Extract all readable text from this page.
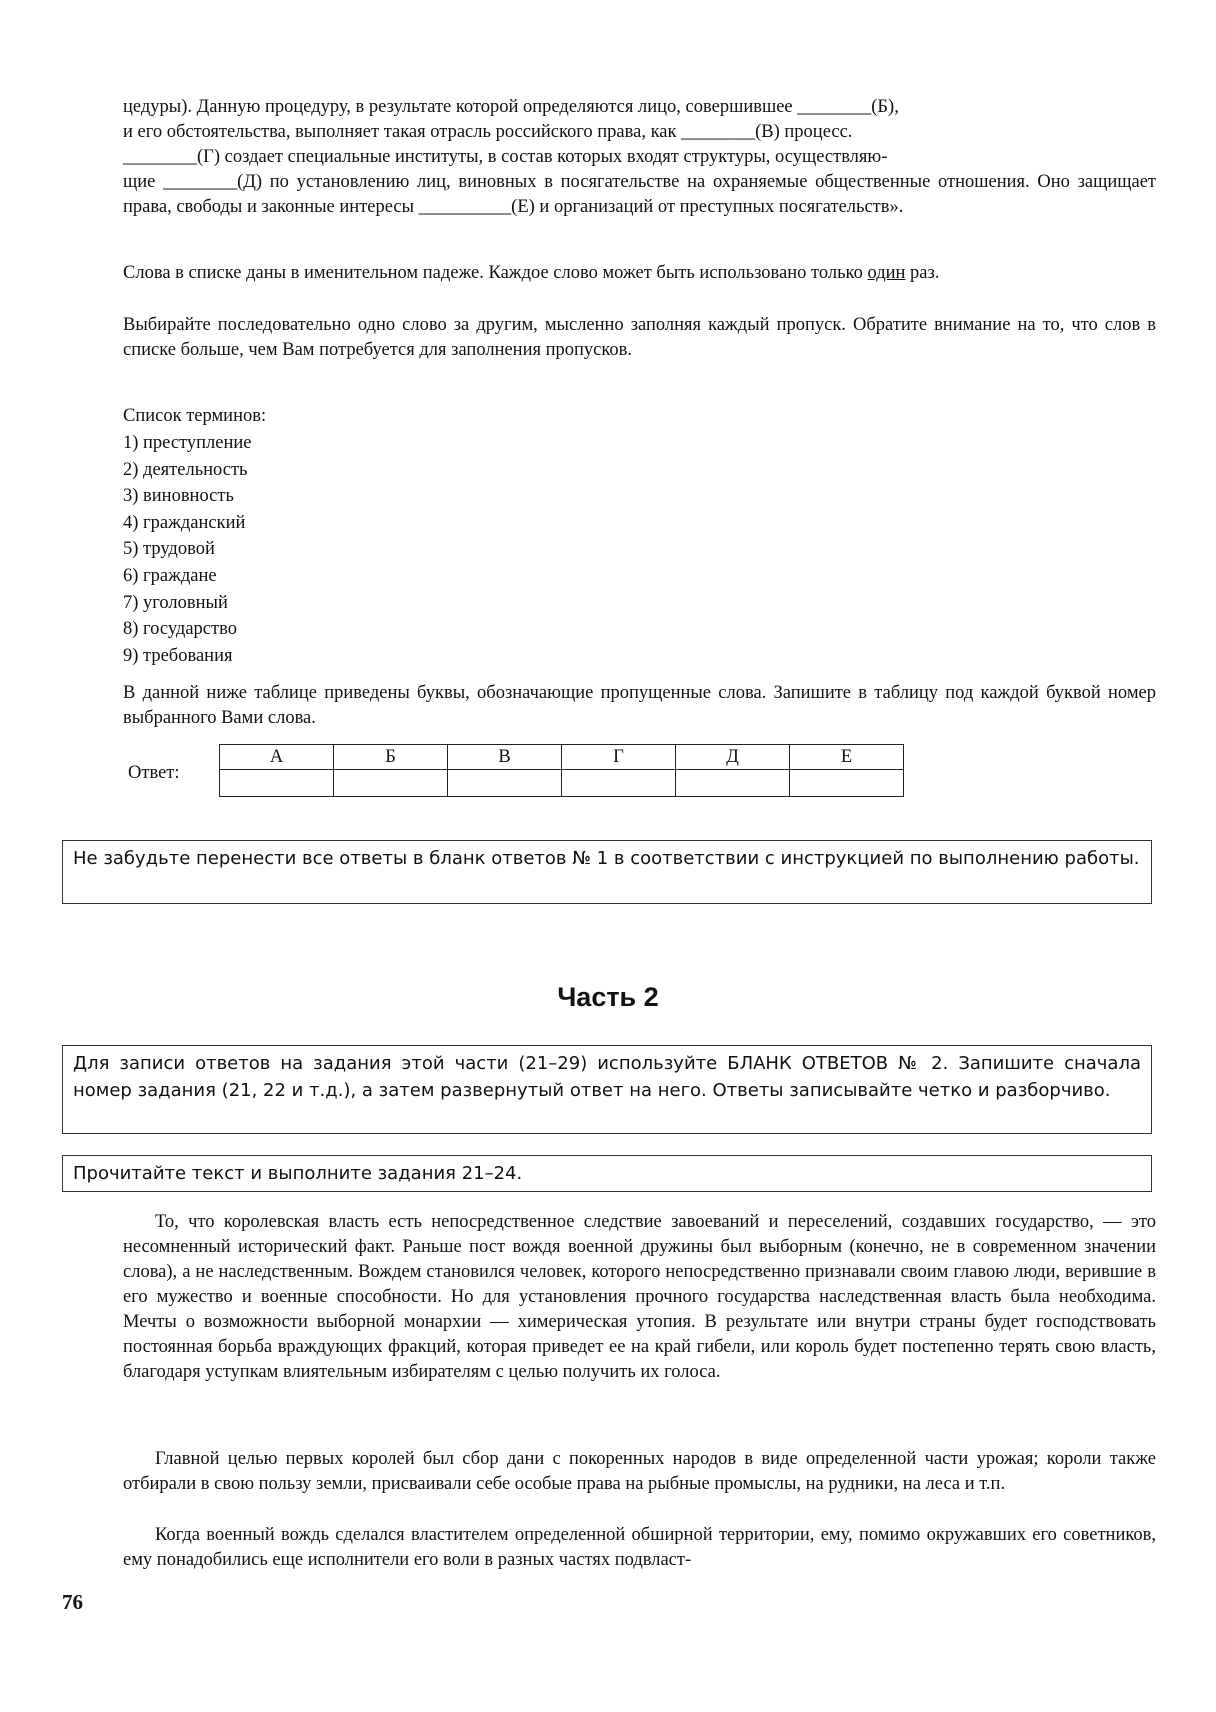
цедуры). Данную процедуру, в результате которой определяются лицо, совершившее ________(Б),

и его обстоятельства, выполняет такая отрасль российского права, как ________(В) процесс.

________(Г) создает специальные институты, в состав которых входят структуры, осуществляю-

щие ________(Д) по установлению лиц, виновных в посягательстве на охраняемые общественные отношения. Оно защищает права, свободы и законные интересы __________(Е) и организаций от преступных посягательств».

Слова в списке даны в именительном падеже. Каждое слово может быть использовано только один раз.

Выбирайте последовательно одно слово за другим, мысленно заполняя каждый пропуск. Обратите внимание на то, что слов в списке больше, чем Вам потребуется для заполнения пропусков.

Список терминов:

1) преступление
2) деятельность
3) виновность
4) гражданский
5) трудовой
6) граждане
7) уголовный
8) государство
9) требования

В данной ниже таблице приведены буквы, обозначающие пропущенные слова. Запишите в таблицу под каждой буквой номер выбранного Вами слова.

Ответ:
А	Б	В	Г	Д	Е

Не забудьте перенести все ответы в бланк ответов № 1 в соответствии с инструкцией по выполнению работы.
Часть 2
Для записи ответов на задания этой части (21–29) используйте БЛАНК ОТВЕТОВ № 2. Запишите сначала номер задания (21, 22 и т.д.), а затем развернутый ответ на него. Ответы записывайте четко и разборчиво.
Прочитайте текст и выполните задания 21–24.

То, что королевская власть есть непосредственное следствие завоеваний и переселений, создавших государство, — это несомненный исторический факт. Раньше пост вождя военной дружины был выборным (конечно, не в современном значении слова), а не наследственным. Вождем становился человек, которого непосредственно признавали своим главою люди, верившие в его мужество и военные способности. Но для установления прочного государства наследственная власть была необходима. Мечты о возможности выборной монархии — химерическая утопия. В результате или внутри страны будет господствовать постоянная борьба враждующих фракций, которая приведет ее на край гибели, или король будет постепенно терять свою власть, благодаря уступкам влиятельным избирателям с целью получить их голоса.

Главной целью первых королей был сбор дани с покоренных народов в виде определенной части урожая; короли также отбирали в свою пользу земли, присваивали себе особые права на рыбные промыслы, на рудники, на леса и т.п.

Когда военный вождь сделался властителем определенной обширной территории, ему, помимо окружавших его советников, ему понадобились еще исполнители его воли в разных частях подвласт-

76
